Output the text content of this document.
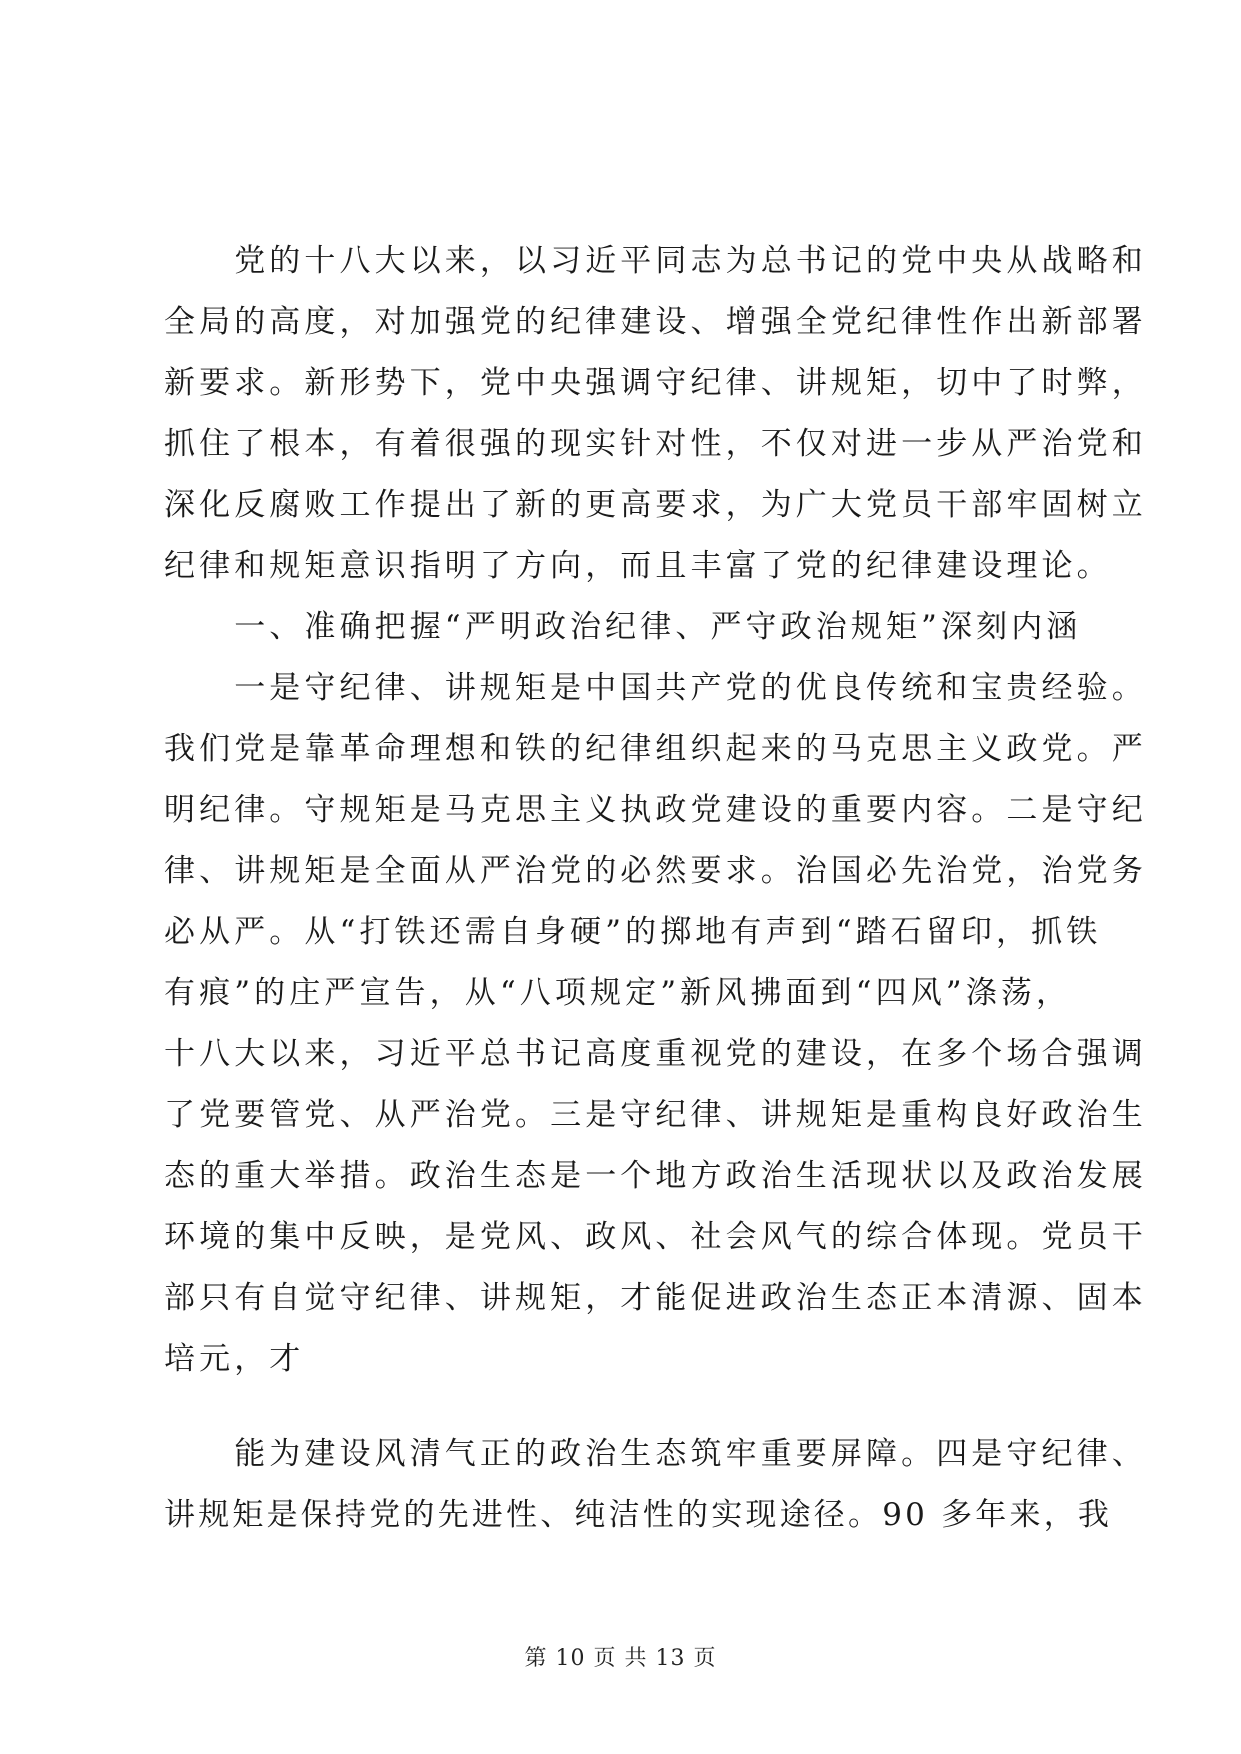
　　党的十八大以来，以习近平同志为总书记的党中央从战略和
全局的高度，对加强党的纪律建设、增强全党纪律性作出新部署
新要求。新形势下，党中央强调守纪律、讲规矩，切中了时弊，
抓住了根本，有着很强的现实针对性，不仅对进一步从严治党和
深化反腐败工作提出了新的更高要求，为广大党员干部牢固树立
纪律和规矩意识指明了方向，而且丰富了党的纪律建设理论。
　　一、准确把握“严明政治纪律、严守政治规矩”深刻内涵
　　一是守纪律、讲规矩是中国共产党的优良传统和宝贵经验。
我们党是靠革命理想和铁的纪律组织起来的马克思主义政党。严
明纪律。守规矩是马克思主义执政党建设的重要内容。二是守纪
律、讲规矩是全面从严治党的必然要求。治国必先治党，治党务
必从严。从“打铁还需自身硬”的掷地有声到“踏石留印，抓铁
有痕”的庄严宣告，从“八项规定”新风拂面到“四风”涤荡，
十八大以来，习近平总书记高度重视党的建设，在多个场合强调
了党要管党、从严治党。三是守纪律、讲规矩是重构良好政治生
态的重大举措。政治生态是一个地方政治生活现状以及政治发展
环境的集中反映，是党风、政风、社会风气的综合体现。党员干
部只有自觉守纪律、讲规矩，才能促进政治生态正本清源、固本
培元，才
　　能为建设风清气正的政治生态筑牢重要屏障。四是守纪律、
讲规矩是保持党的先进性、纯洁性的实现途径。90 多年来，我
第 10 页 共 13 页
